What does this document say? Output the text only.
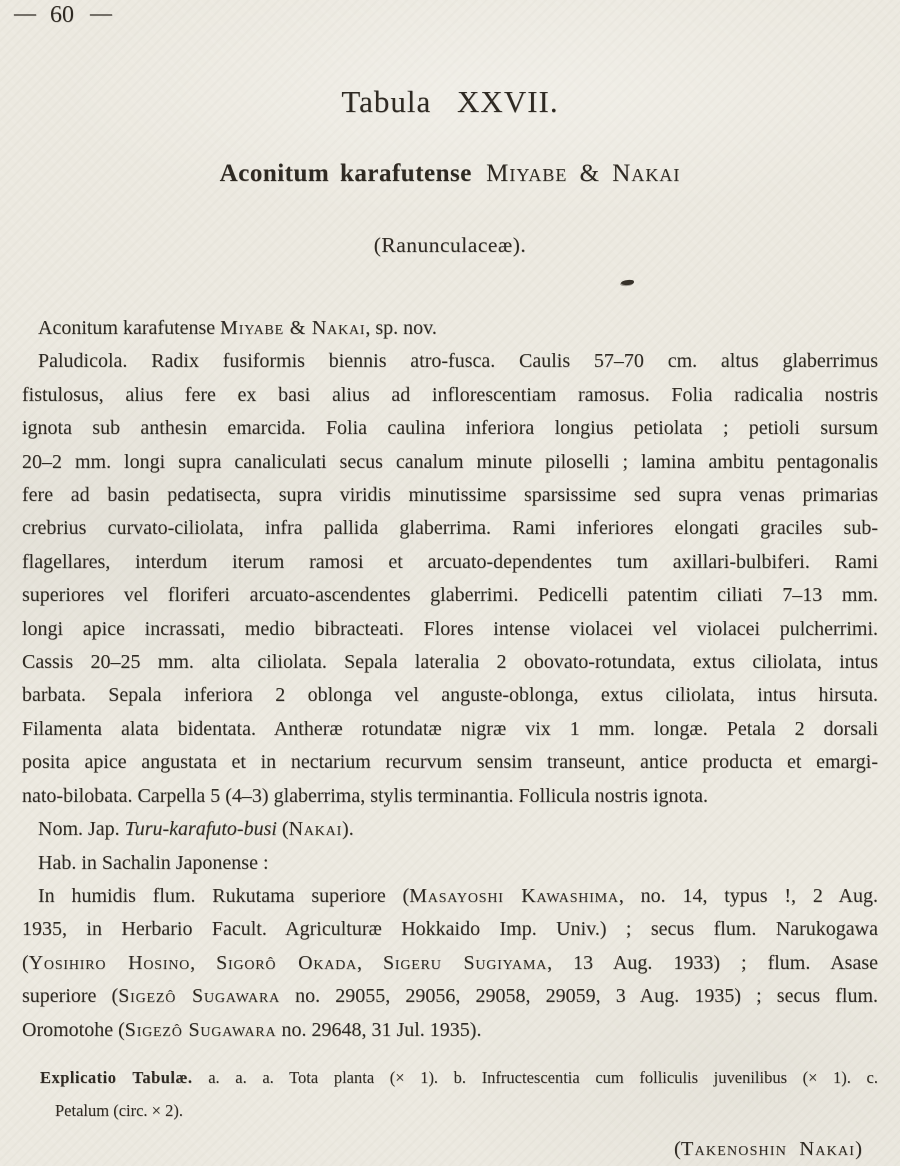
— 60 —
Tabula XXVII.
Aconitum karafutense Miyabe & Nakai
(Ranunculaceæ).
Aconitum karafutense Miyabe & Nakai, sp. nov.
Paludicola. Radix fusiformis biennis atro-fusca. Caulis 57–70 cm. altus glaberrimus
fistulosus, alius fere ex basi alius ad inflorescentiam ramosus. Folia radicalia nostris
ignota sub anthesin emarcida. Folia caulina inferiora longius petiolata ; petioli sursum
20–2 mm. longi supra canaliculati secus canalum minute piloselli ; lamina ambitu pentagonalis
fere ad basin pedatisecta, supra viridis minutissime sparsissime sed supra venas primarias
crebrius curvato-ciliolata, infra pallida glaberrima. Rami inferiores elongati graciles sub-
flagellares, interdum iterum ramosi et arcuato-dependentes tum axillari-bulbiferi. Rami
superiores vel floriferi arcuato-ascendentes glaberrimi. Pedicelli patentim ciliati 7–13 mm.
longi apice incrassati, medio bibracteati. Flores intense violacei vel violacei pulcherrimi.
Cassis 20–25 mm. alta ciliolata. Sepala lateralia 2 obovato-rotundata, extus ciliolata, intus
barbata. Sepala inferiora 2 oblonga vel anguste-oblonga, extus ciliolata, intus hirsuta.
Filamenta alata bidentata. Antheræ rotundatæ nigræ vix 1 mm. longæ. Petala 2 dorsali
posita apice angustata et in nectarium recurvum sensim transeunt, antice producta et emargi-
nato-bilobata. Carpella 5 (4–3) glaberrima, stylis terminantia. Follicula nostris ignota.
Nom. Jap. Turu-karafuto-busi (Nakai).
Hab. in Sachalin Japonense :
In humidis flum. Rukutama superiore (Masayoshi Kawashima, no. 14, typus !, 2 Aug.
1935, in Herbario Facult. Agriculturæ Hokkaido Imp. Univ.) ; secus flum. Narukogawa
(Yosihiro Hosino, Sigorô Okada, Sigeru Sugiyama, 13 Aug. 1933) ; flum. Asase
superiore (Sigezô Sugawara no. 29055, 29056, 29058, 29059, 3 Aug. 1935) ; secus flum.
Oromotohe (Sigezô Sugawara no. 29648, 31 Jul. 1935).
Explicatio Tabulæ. a. a. a. Tota planta (× 1). b. Infructescentia cum folliculis juvenilibus (× 1). c.
Petalum (circ. × 2).
(Takenoshin Nakai)
